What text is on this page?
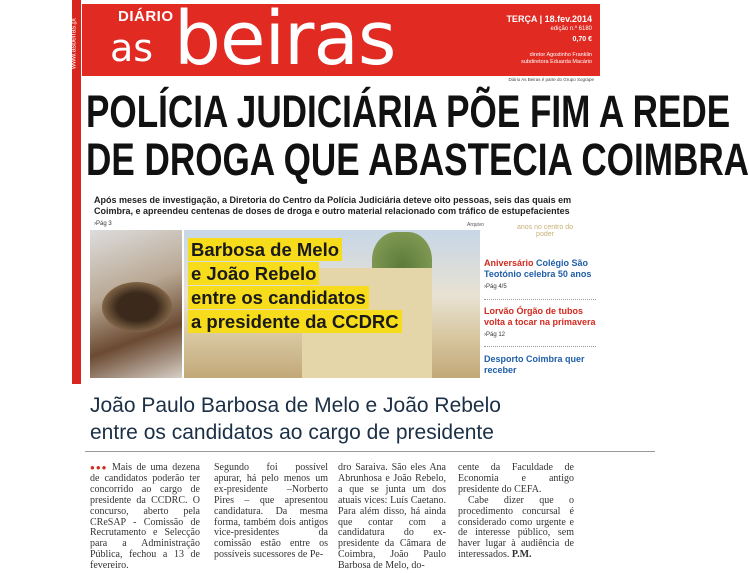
www.asbeiras.pt
DIÁRIO
as beiras	TERÇA | 18.fev.2014
edição n.º 6180
0,70 €
diretor Agostinho Franklin
subdiretora Eduarda Macário
Diário As Beiras é parte do Grupo Sogrape
POLÍCIA JUDICIÁRIA PÕE FIM A REDE
DE DROGA QUE ABASTECIA COIMBRA
Após meses de investigação, a Diretoria do Centro da Polícia Judiciária deteve oito pessoas, seis das quais em Coimbra, e apreendeu centenas de doses de droga e outro material relacionado com tráfico de estupefacientes ›Pág 3	Arquivo
Barbosa de Melo
e João Rebelo
entre os candidatos
a presidente da CCDRC
anos no centro do poder
Aniversário Colégio São Teotónio celebra 50 anos ›Pág 4/5
Lorvão Órgão de tubos volta a tocar na primavera ›Pág 12
Desporto Coimbra quer receber
João Paulo Barbosa de Melo e João Rebelo
entre os candidatos ao cargo de presidente
●●● Mais de uma dezena de candidatos poderão ter concorrido ao cargo de presidente da CCDRC. O concurso, aberto pela CReSAP - Comissão de Recrutamento e Selecção para a Administração Pública, fechou a 13 de fevereiro.
Segundo foi possível apurar, há pelo menos um ex-presidente –Norberto Pires – que apresentou candidatura. Da mesma forma, também dois antigos vice-presidentes da comissão estão entre os possíveis sucessores de Pe-
dro Saraiva. São eles Ana Abrunhosa e João Rebelo, a que se junta um dos atuais vices: Luís Caetano. Para além disso, há ainda que contar com a candidatura do ex-presidente da Câmara de Coimbra, João Paulo Barbosa de Melo, do-
cente da Faculdade de Economia e antigo presidente do CEFA.
Cabe dizer que o procedimento concursal é considerado como urgente e de interesse público, sem haver lugar à audiência de interessados. P.M.
